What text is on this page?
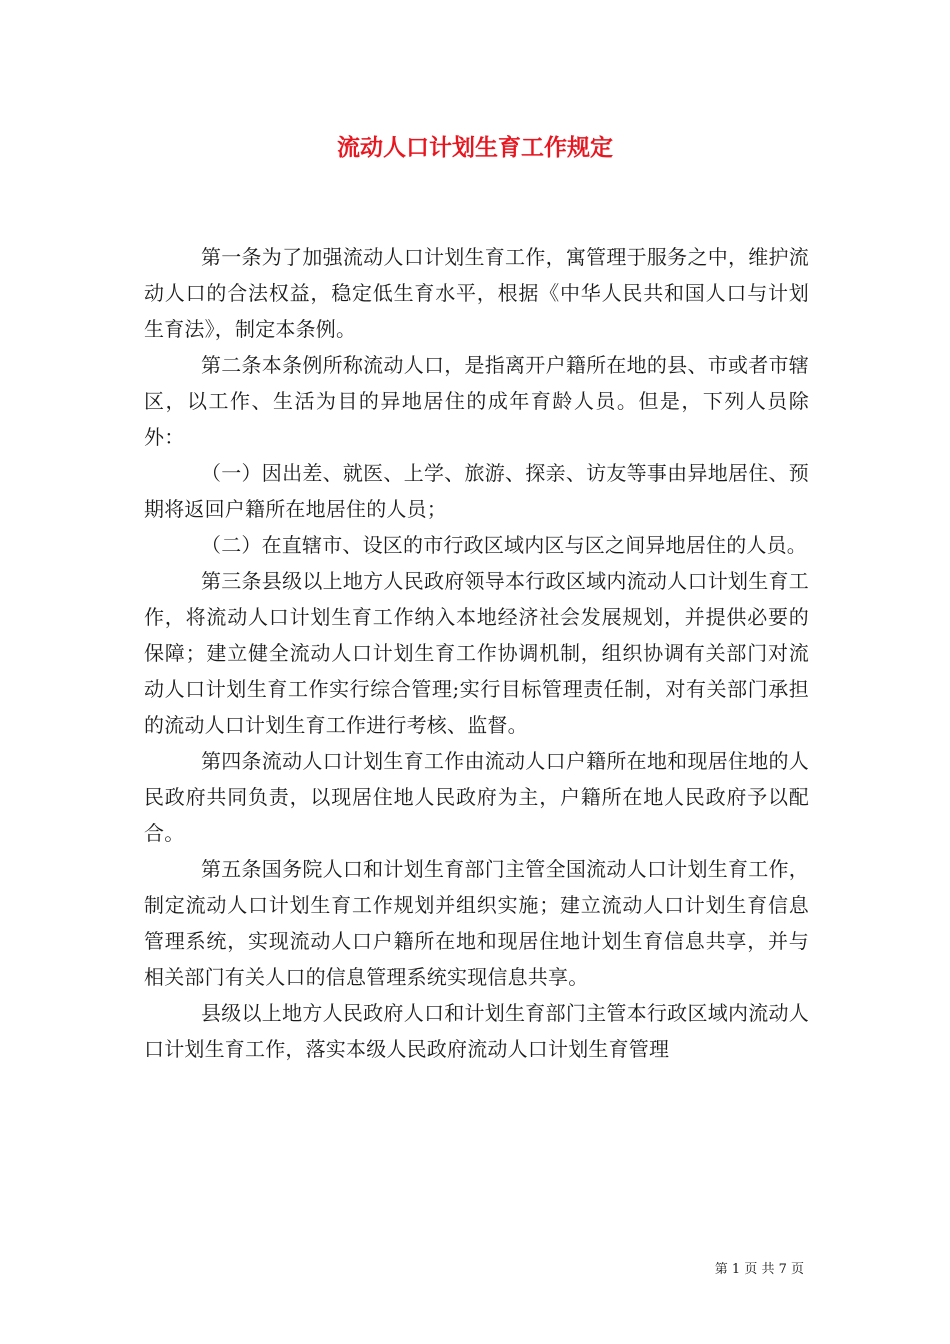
流动人口计划生育工作规定

第一条为了加强流动人口计划生育工作，寓管理于服务之中，维护流动人口的合法权益，稳定低生育水平，根据《中华人民共和国人口与计划生育法》，制定本条例。

第二条本条例所称流动人口，是指离开户籍所在地的县、市或者市辖区，以工作、生活为目的异地居住的成年育龄人员。但是，下列人员除外：

（一）因出差、就医、上学、旅游、探亲、访友等事由异地居住、预期将返回户籍所在地居住的人员；

（二）在直辖市、设区的市行政区域内区与区之间异地居住的人员。

第三条县级以上地方人民政府领导本行政区域内流动人口计划生育工作，将流动人口计划生育工作纳入本地经济社会发展规划，并提供必要的保障；建立健全流动人口计划生育工作协调机制，组织协调有关部门对流动人口计划生育工作实行综合管理;实行目标管理责任制，对有关部门承担的流动人口计划生育工作进行考核、监督。

第四条流动人口计划生育工作由流动人口户籍所在地和现居住地的人民政府共同负责，以现居住地人民政府为主，户籍所在地人民政府予以配合。

第五条国务院人口和计划生育部门主管全国流动人口计划生育工作，制定流动人口计划生育工作规划并组织实施；建立流动人口计划生育信息管理系统，实现流动人口户籍所在地和现居住地计划生育信息共享，并与相关部门有关人口的信息管理系统实现信息共享。

县级以上地方人民政府人口和计划生育部门主管本行政区域内流动人口计划生育工作，落实本级人民政府流动人口计划生育管理

第 1 页 共 7 页
